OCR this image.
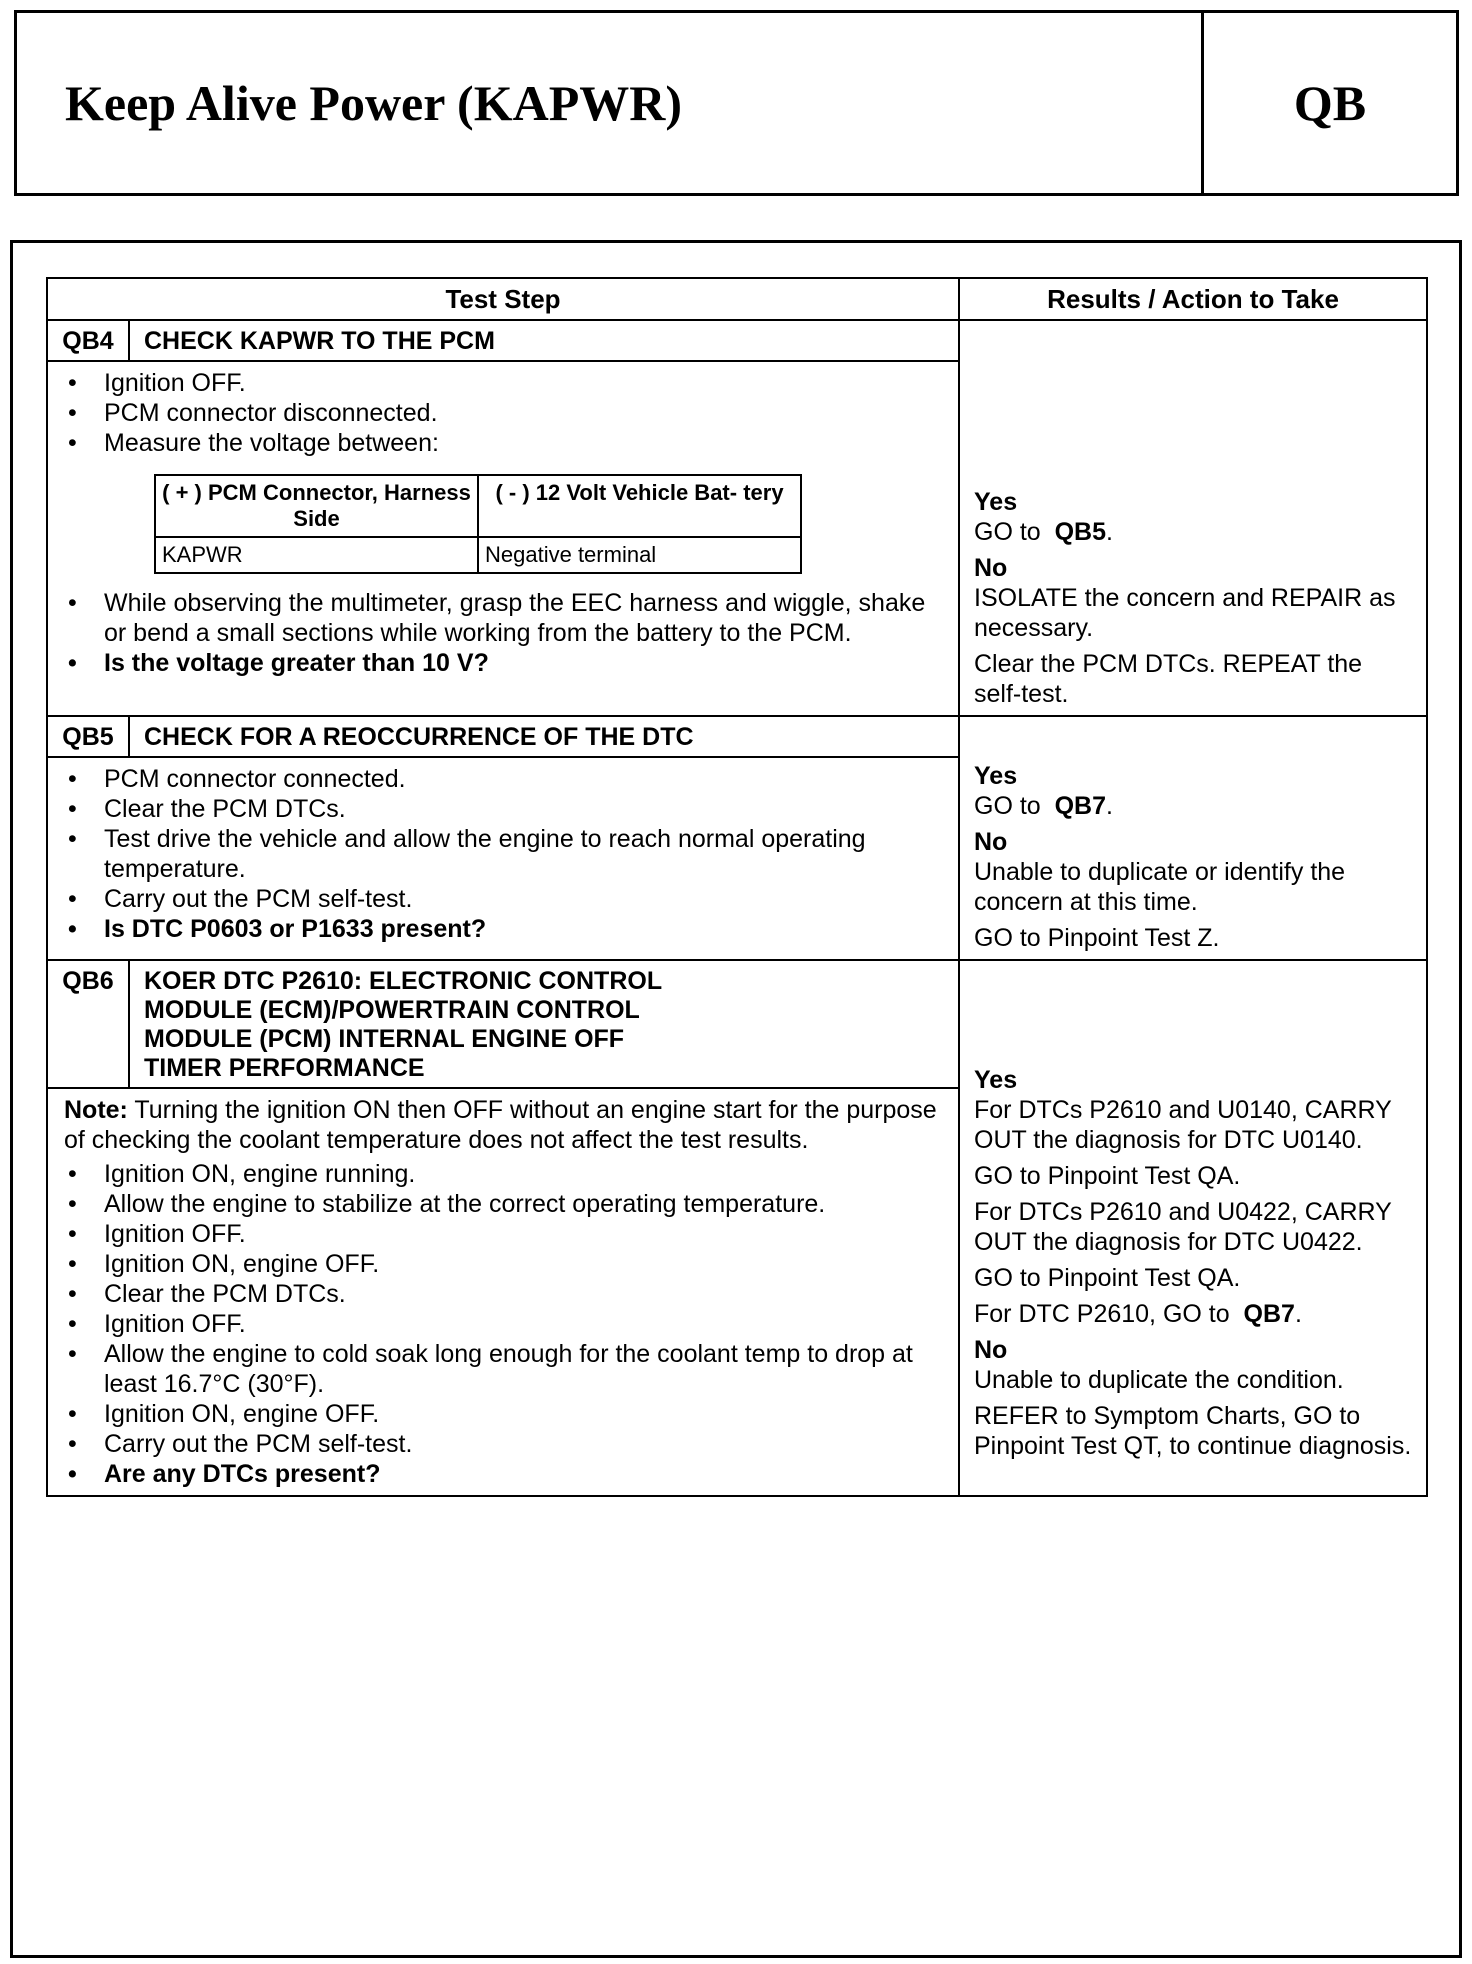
Keep Alive Power (KAPWR)	QB
Test Step	Results / Action to Take

QB4	CHECK KAPWR TO THE PCM
• Ignition OFF.
• PCM connector disconnected.
• Measure the voltage between:
( + ) PCM Connector, Harness Side	( - ) 12 Volt Vehicle Bat- tery
KAPWR	Negative terminal
• While observing the multimeter, grasp the EEC harness and wiggle, shake or bend a small sections while working from the battery to the PCM.
• Is the voltage greater than 10 V?

Yes

GO to QB5.

No

ISOLATE the concern and REPAIR as necessary.

Clear the PCM DTCs. REPEAT the self-test.

QB5	CHECK FOR A REOCCURRENCE OF THE DTC
• PCM connector connected.
• Clear the PCM DTCs.
• Test drive the vehicle and allow the engine to reach normal operating temperature.
• Carry out the PCM self-test.
• Is DTC P0603 or P1633 present?

Yes

GO to QB7.

No

Unable to duplicate or identify the concern at this time.

GO to Pinpoint Test Z.

QB6	KOER DTC P2610: ELECTRONIC CONTROL MODULE (ECM)/POWERTRAIN CONTROL MODULE (PCM) INTERNAL ENGINE OFF TIMER PERFORMANCE

Note: Turning the ignition ON then OFF without an engine start for the purpose of checking the coolant temperature does not affect the test results.

• Ignition ON, engine running.
• Allow the engine to stabilize at the correct operating temperature.
• Ignition OFF.
• Ignition ON, engine OFF.
• Clear the PCM DTCs.
• Ignition OFF.
• Allow the engine to cold soak long enough for the coolant temp to drop at least 16.7°C (30°F).
• Ignition ON, engine OFF.
• Carry out the PCM self-test.
• Are any DTCs present?

Yes

For DTCs P2610 and U0140, CARRY OUT the diagnosis for DTC U0140.

GO to Pinpoint Test QA.

For DTCs P2610 and U0422, CARRY OUT the diagnosis for DTC U0422.

GO to Pinpoint Test QA.

For DTC P2610, GO to QB7.

No

Unable to duplicate the condition.

REFER to Symptom Charts, GO to Pinpoint Test QT, to continue diagnosis.
